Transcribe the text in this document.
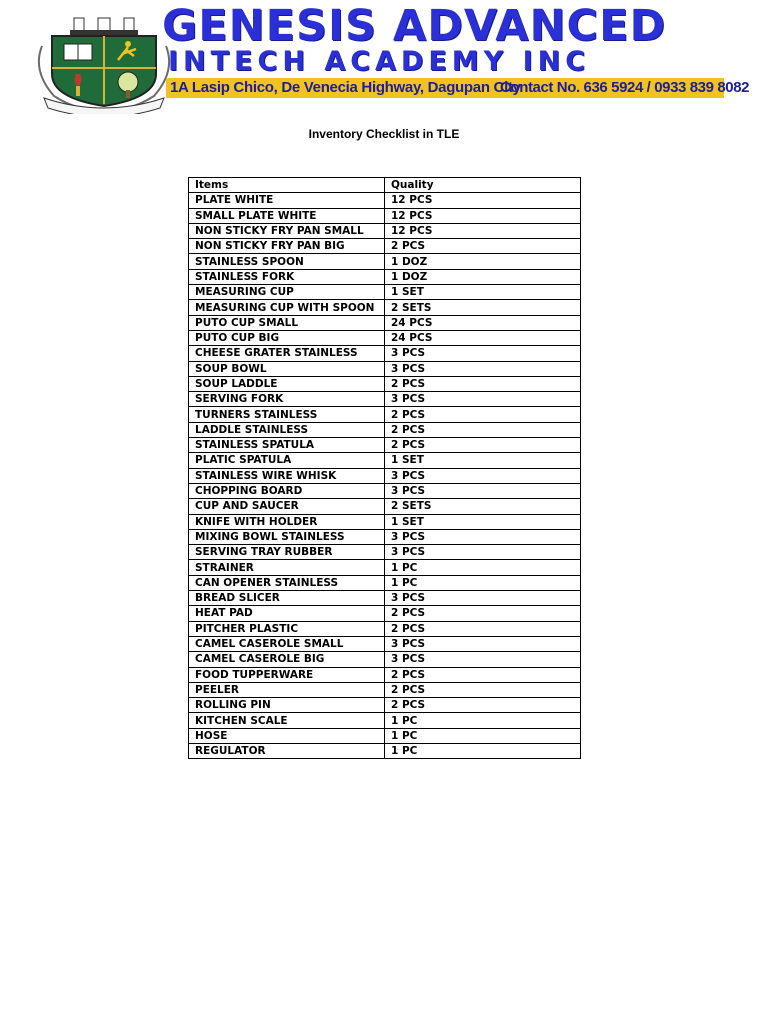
GENESIS ADVANCED
INTECH ACADEMY INC
1A Lasip Chico, De Venecia Highway, Dagupan City
Contact No. 636 5924 / 0933 839 8082
Inventory Checklist in TLE
Items	Quality
PLATE WHITE	12 PCS
SMALL PLATE WHITE	12 PCS
NON STICKY FRY PAN SMALL	12 PCS
NON STICKY FRY PAN BIG	2 PCS
STAINLESS SPOON	1 DOZ
STAINLESS FORK	1 DOZ
MEASURING CUP	1 SET
MEASURING CUP WITH SPOON	2 SETS
PUTO CUP SMALL	24 PCS
PUTO CUP BIG	24 PCS
CHEESE GRATER STAINLESS	3 PCS
SOUP BOWL	3 PCS
SOUP LADDLE	2 PCS
SERVING FORK	3 PCS
TURNERS STAINLESS	2 PCS
LADDLE STAINLESS	2 PCS
STAINLESS SPATULA	2 PCS
PLATIC SPATULA	1 SET
STAINLESS WIRE WHISK	3 PCS
CHOPPING BOARD	3 PCS
CUP AND SAUCER	2 SETS
KNIFE WITH HOLDER	1 SET
MIXING BOWL STAINLESS	3 PCS
SERVING TRAY RUBBER	3 PCS
STRAINER	1 PC
CAN OPENER STAINLESS	1 PC
BREAD SLICER	3 PCS
HEAT PAD	2 PCS
PITCHER PLASTIC	2 PCS
CAMEL CASEROLE SMALL	3 PCS
CAMEL CASEROLE BIG	3 PCS
FOOD TUPPERWARE	2 PCS
PEELER	2 PCS
ROLLING PIN	2 PCS
KITCHEN SCALE	1 PC
HOSE	1 PC
REGULATOR	1 PC
